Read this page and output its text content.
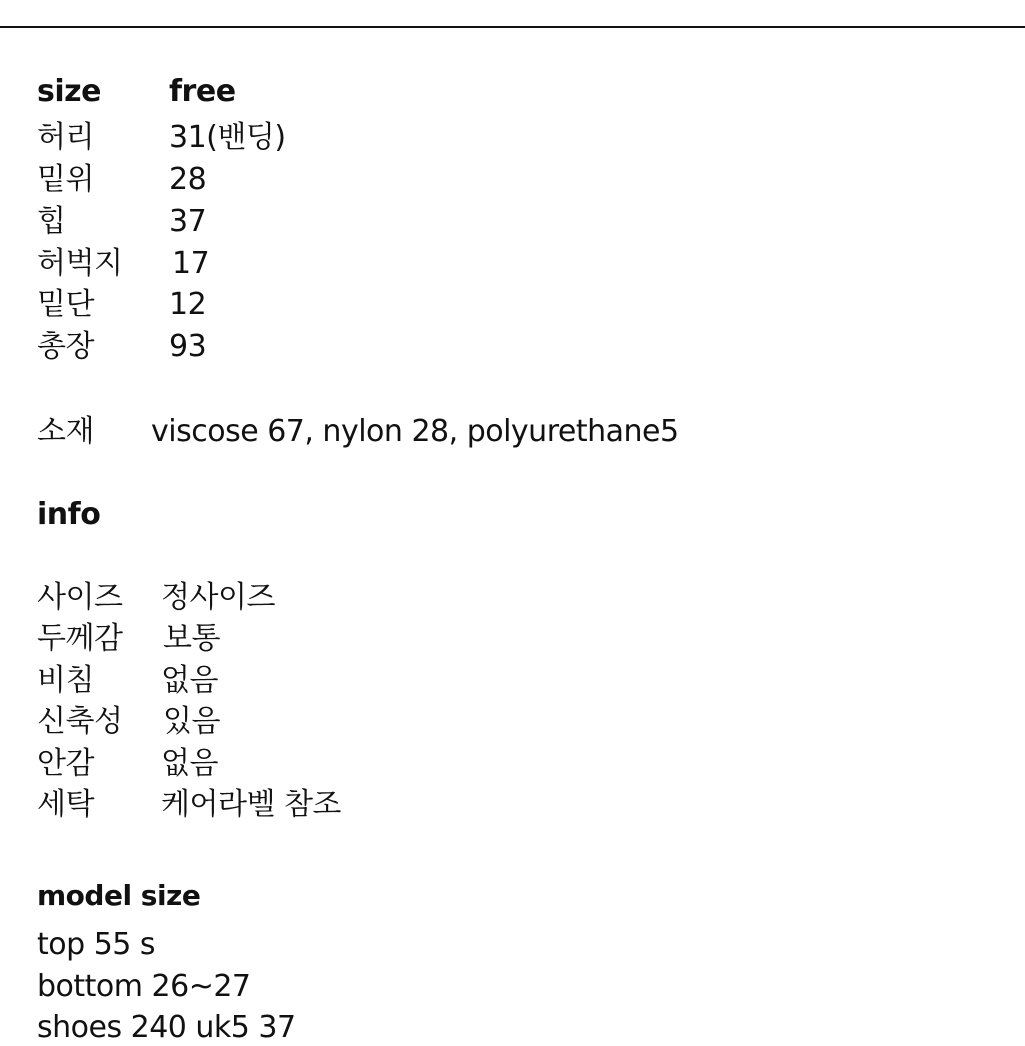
size free
허리	31(밴딩)
밑위	28
힙	37
허벅지 17
밑단	12
총장	93
소재 viscose 67, nylon 28, polyurethane5
info
사이즈 정사이즈
두께감 보통
비침 없음
신축성 있음
안감 없음
세탁 케어라벨 참조
model size
top 55 s
bottom 26~27
shoes 240 uk5 37
